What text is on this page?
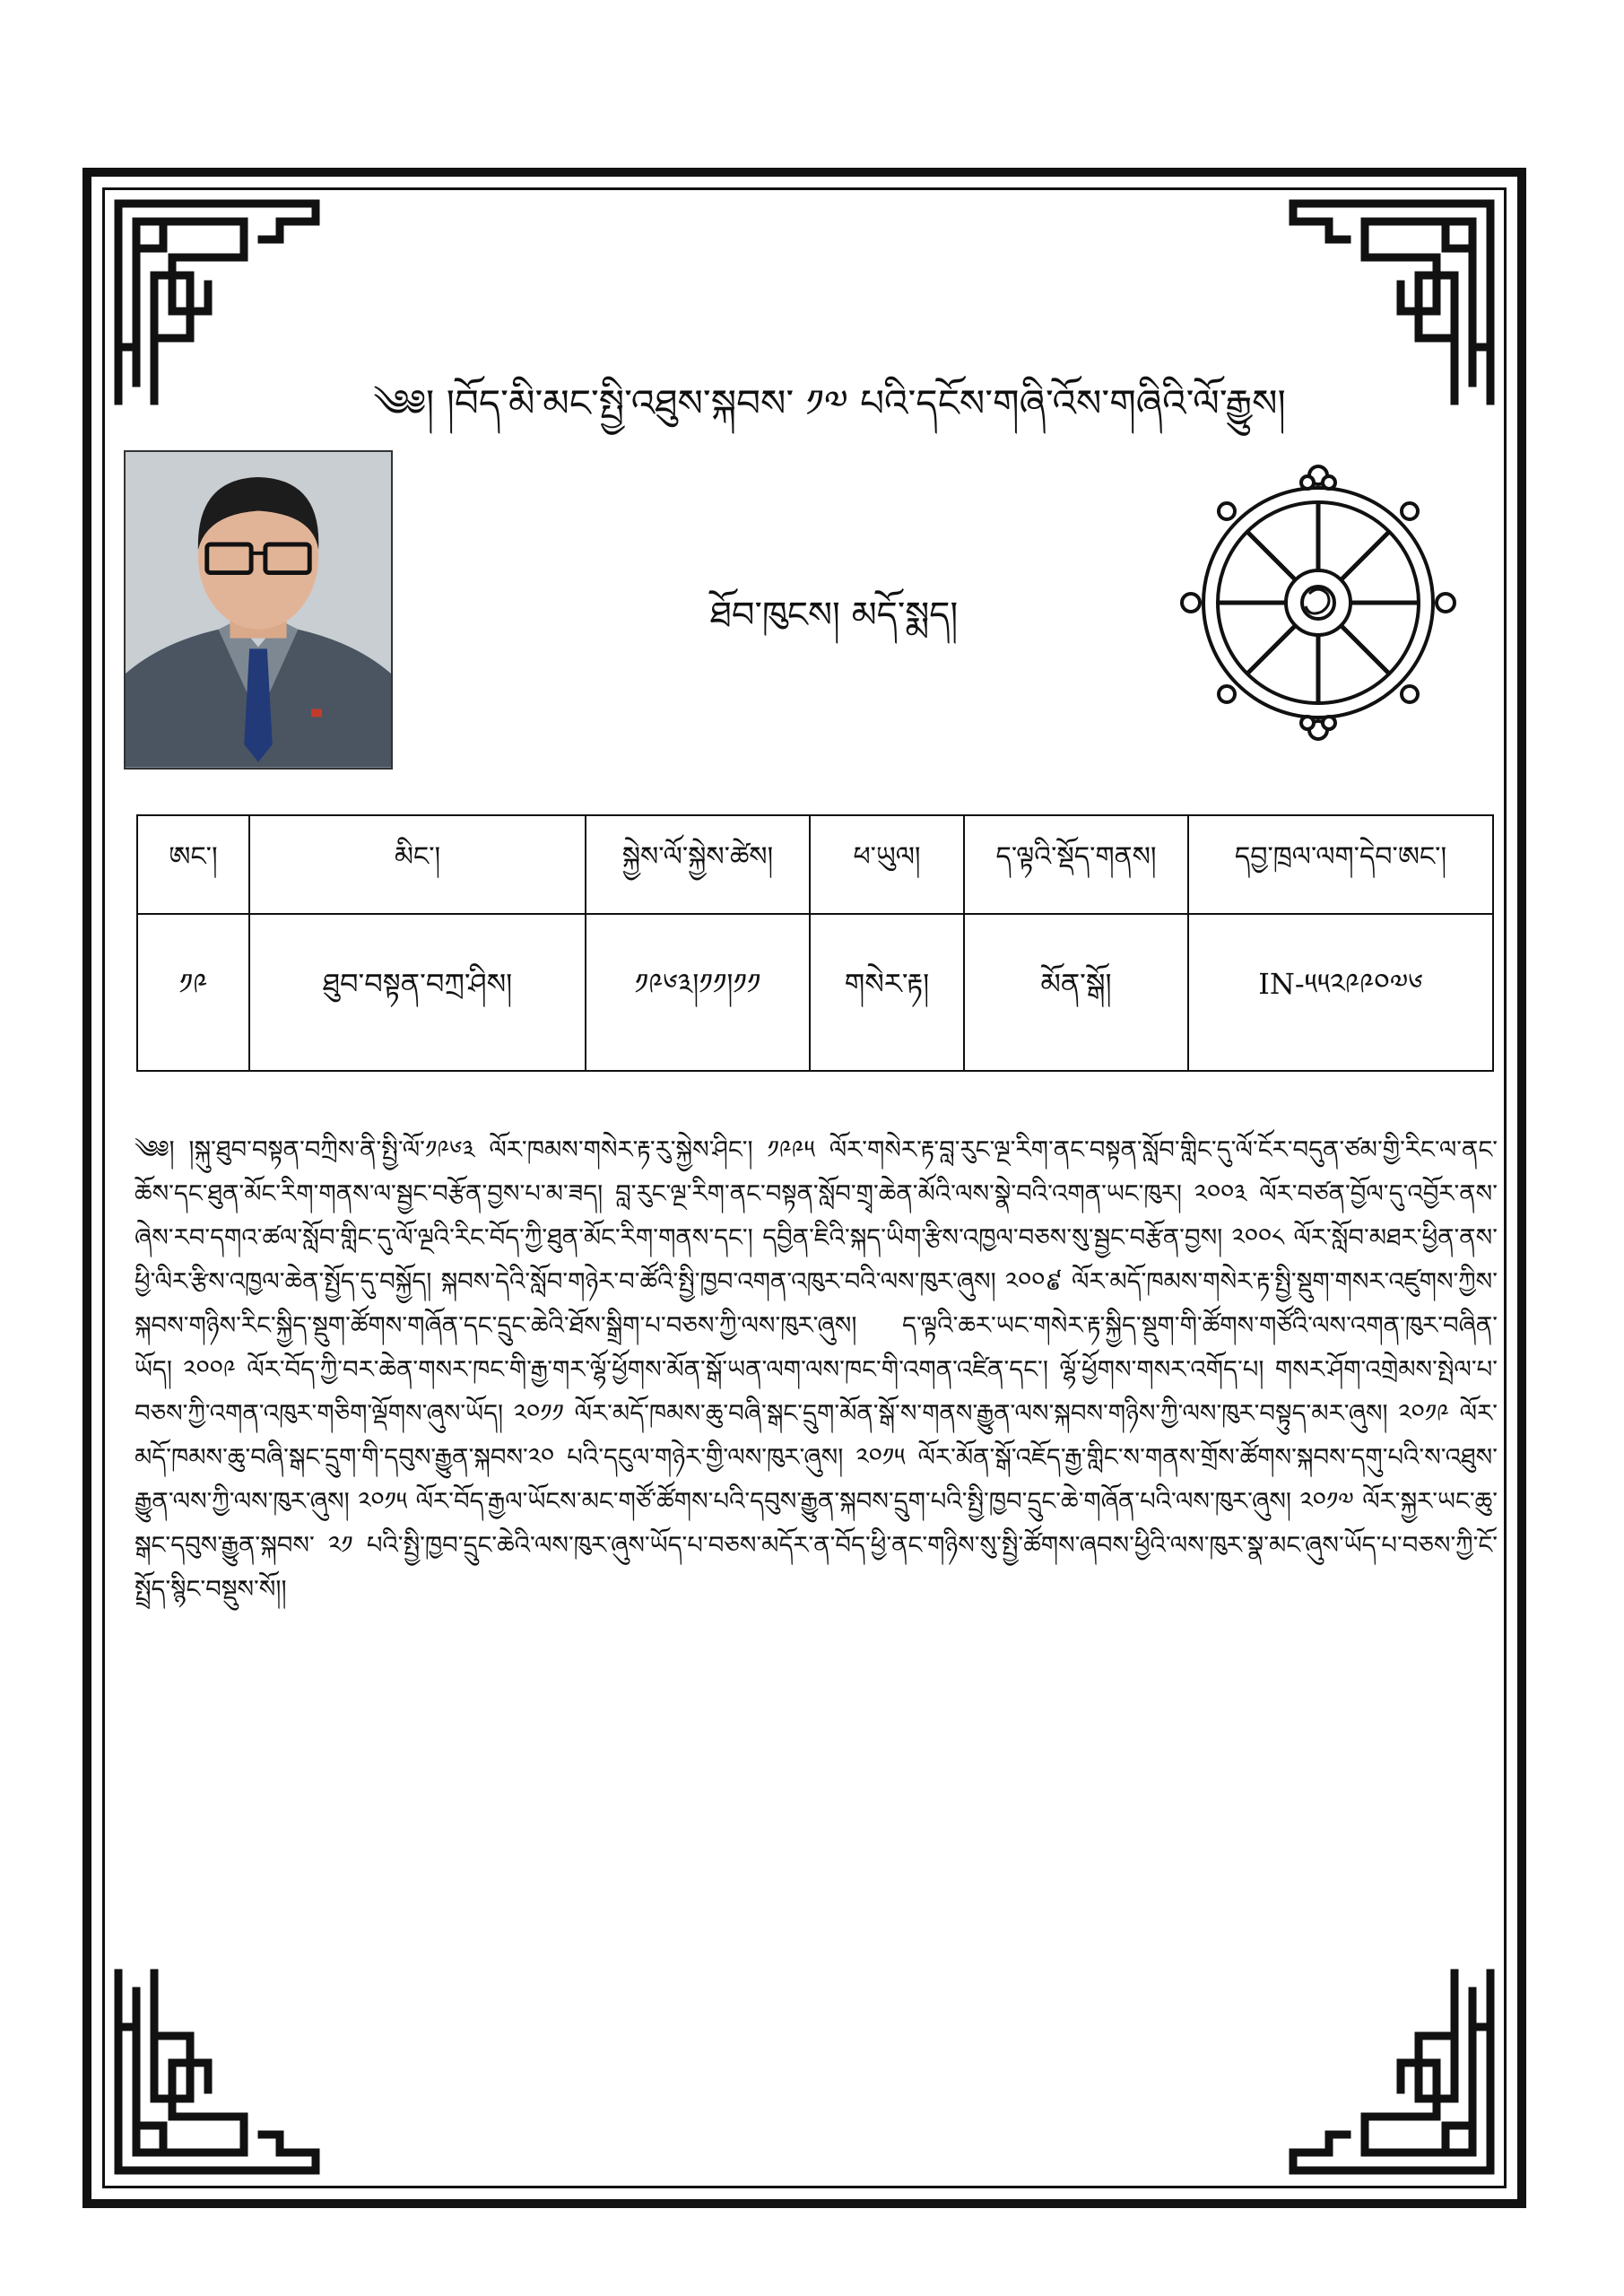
༄༅། །བོད་མི་མང་སྤྱི་འཐུས་སྐབས་ ༡༧ པའི་དངོས་གཞི་འོས་གཞིའི་ལོ་རྒྱུས།
ཐོབ་ཁུངས། མདོ་སྨད།
ཨང་།	མིང་།	སྐྱེས་ལོ་སྐྱེས་ཚེས།	ཕ་ཡུལ།	ད་ལྟའི་སྡོད་གནས།	དབྱ་ཁྲལ་ལག་དེབ་ཨང་།
༡༩	ཐུབ་བསྟན་བཀྲ་ཤིས།	༡༩༦༣།༡༡།༡༡	གསེར་རྟ།	མོན་སྒོ།	IN-༥༥༢༩༩༠༧༦
༄༅། །སྐུ་ཐུབ་བསྟན་བཀྲིས་ནི་སྤྱི་ལོ་༡༩༦༣ ལོར་ཁམས་གསེར་རྟ་རུ་སྐྱེས་ཤིང་། ༡༩༩༥ ལོར་གསེར་རྟ་བླ་རུང་ལྔ་རིག་ནང་བསྟན་སློབ་གླིང་དུ་ལོ་ངོར་བདུན་ཙམ་གྱི་རིང་ལ་ནང་ཆོས་དང་ཐུན་མོང་རིག་གནས་ལ་སྦྱང་བརྩོན་བྱས་པ་མ་ཟད། བླ་རུང་ལྔ་རིག་ནང་བསྟན་སློབ་གྲྭ་ཆེན་མོའི་ལས་སྣེ་བའི་འགན་ཡང་ཁུར། ༢༠༠༣ ལོར་བཙན་བྱོལ་དུ་འབྱོར་ནས་ཞེས་རབ་དགའ་ཚལ་སློབ་གླིང་དུ་ལོ་ལྔའི་རིང་བོད་ཀྱི་ཐུན་མོང་རིག་གནས་དང་། དབྱིན་ཇིའི་སྐད་ཡིག་རྩིས་འཁྱལ་བཅས་སུ་སྦྱང་བརྩོན་བྱས། ༢༠༠༨ ལོར་སློབ་མཐར་ཕྱིན་ནས་ཕྱི་ལིར་རྩིས་འཁྱལ་ཆེན་སྤྱོད་དུ་བསྐྱོད། སྐབས་དེའི་སློབ་གཉེར་བ་ཚོའི་སྤྱི་ཁྱབ་འགན་འཁུར་བའི་ལས་ཁུར་ཞུས། ༢༠༠៩ ལོར་མདོ་ཁམས་གསེར་རྟ་སྤྱི་སྡུག་གསར་འཛུགས་ཀྱིས་སྐབས་གཉིས་རིང་སྐྱིད་སྡུག་ཚོགས་གཞོན་དང་དྲུང་ཆེའི་ཐོས་སྒྲིག་པ་བཅས་ཀྱི་ལས་ཁུར་ཞུས། ད་ལྟའི་ཆར་ཡང་གསེར་རྟ་སྐྱིད་སྡུག་གི་ཚོགས་གཙོའི་ལས་འགན་ཁུར་བཞིན་ཡོད། ༢༠༠༩ ལོར་བོད་ཀྱི་བར་ཆེན་གསར་ཁང་གི་རྒྱ་གར་ལྷོ་ཕྱོགས་མོན་སྒོ་ཡན་ལག་ལས་ཁང་གི་འགན་འཛིན་དང་། ལྷོ་ཕྱོགས་གསར་འགོད་པ། གསར་ཤོག་འགྲེམས་སྤེལ་པ་བཅས་ཀྱི་འགན་འཁུར་གཅིག་ལྡོགས་ཞུས་ཡོད། ༢༠༡༡ ལོར་མདོ་ཁམས་ཆུ་བཞི་སྒང་དྲུག་མོན་སྒོ་ས་གནས་རྒྱུན་ལས་སྐབས་གཉིས་ཀྱི་ལས་ཁུར་བསྟུད་མར་ཞུས། ༢༠༡༩ ལོར་མདོ་ཁམས་ཆུ་བཞི་སྒང་དྲུག་གི་དབུས་རྒྱུན་སྐབས་༢༠ པའི་དངུལ་གཉེར་གྱི་ལས་ཁུར་ཞུས། ༢༠༡༥ ལོར་མོན་སྒོ་འཇོད་རྒྱ་གླིང་ས་གནས་གྲོས་ཚོགས་སྐབས་དགུ་པའི་ས་འཐུས་རྒྱུན་ལས་ཀྱི་ལས་ཁུར་ཞུས། ༢༠༡༥ ལོར་བོད་རྒྱལ་ཡོངས་མང་གཙོ་ཚོགས་པའི་དབུས་རྒྱུན་སྐབས་དྲུག་པའི་སྤྱི་ཁྱབ་དྲུང་ཆེ་གཞོན་པའི་ལས་ཁུར་ཞུས། ༢༠༡༧ ལོར་སྐྱར་ཡང་ཆུ་སྒང་དབུས་རྒྱུན་སྐབས་ ༢༡ པའི་སྤྱི་ཁྱབ་དྲུང་ཆེའི་ལས་ཁུར་ཞུས་ཡོད་པ་བཅས་མདོར་ན་བོད་ཕྱི་ནང་གཉིས་སུ་སྤྱི་ཚོགས་ཞབས་ཕྱིའི་ལས་ཁུར་སྣ་མང་ཞུས་ཡོད་པ་བཅས་ཀྱི་ངོ་སྤྲོད་སྙིང་བསྡུས་སོ།།
